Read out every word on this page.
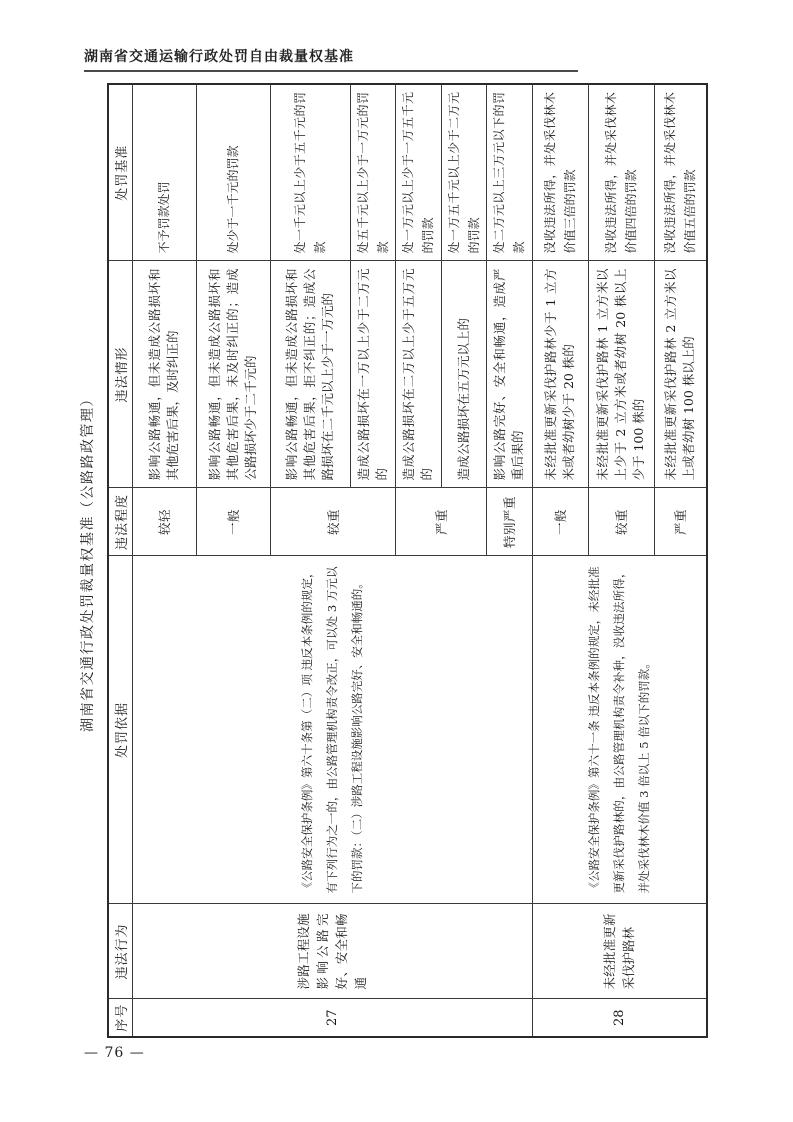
湖南省交通运输行政处罚自由裁量权基准
湖南省交通行政处罚裁量权基准（公路路政管理）
序号	违法行为	处罚依据	违法程度	违法情形	处罚基准
27	涉路工程设施影响公路完好、安全和畅通	《公路安全保护条例》第六十条第（二）项 违反本条例的规定，有下列行为之一的，由公路管理机构责令改正，可以处 3 万元以下的罚款：（二）涉路工程设施影响公路完好、安全和畅通的。	较轻	影响公路畅通，但未造成公路损坏和其他危害后果，及时纠正的	不予罚款处罚
			一般	影响公路畅通，但未造成公路损坏和其他危害后果，未及时纠正的；造成公路损坏少于二千元的	处少于一千元的罚款
			较重	影响公路畅通，但未造成公路损坏和其他危害后果，拒不纠正的；造成公路损坏在二千元以上少于一万元的	处一千元以上少于五千元的罚款
				造成公路损坏在一万以上少于二万元的	处五千元以上少于一万元的罚款
			严重	造成公路损坏在二万以上少于五万元的	处一万元以上少于一万五千元的罚款
				造成公路损坏在五万元以上的	处一万五千元以上少于二万元的罚款
			特别严重	影响公路完好、安全和畅通，造成严重后果的	处二万元以上三万元以下的罚款
28	未经批准更新采伐护路林	《公路安全保护条例》第六十一条 违反本条例的规定，未经批准更新采伐护路林的，由公路管理机构责令补种，没收违法所得，并处采伐林木价值 3 倍以上 5 倍以下的罚款。	一般	未经批准更新采伐护路林少于 1 立方米或者幼树少于 20 株的	没收违法所得，并处采伐林木价值三倍的罚款
			较重	未经批准更新采伐护路林 1 立方米以上少于 2 立方米或者幼树 20 株以上少于 100 株的	没收违法所得，并处采伐林木价值四倍的罚款
			严重	未经批准更新采伐护路林 2 立方米以上或者幼树 100 株以上的	没收违法所得，并处采伐林木价值五倍的罚款
— 76 —
